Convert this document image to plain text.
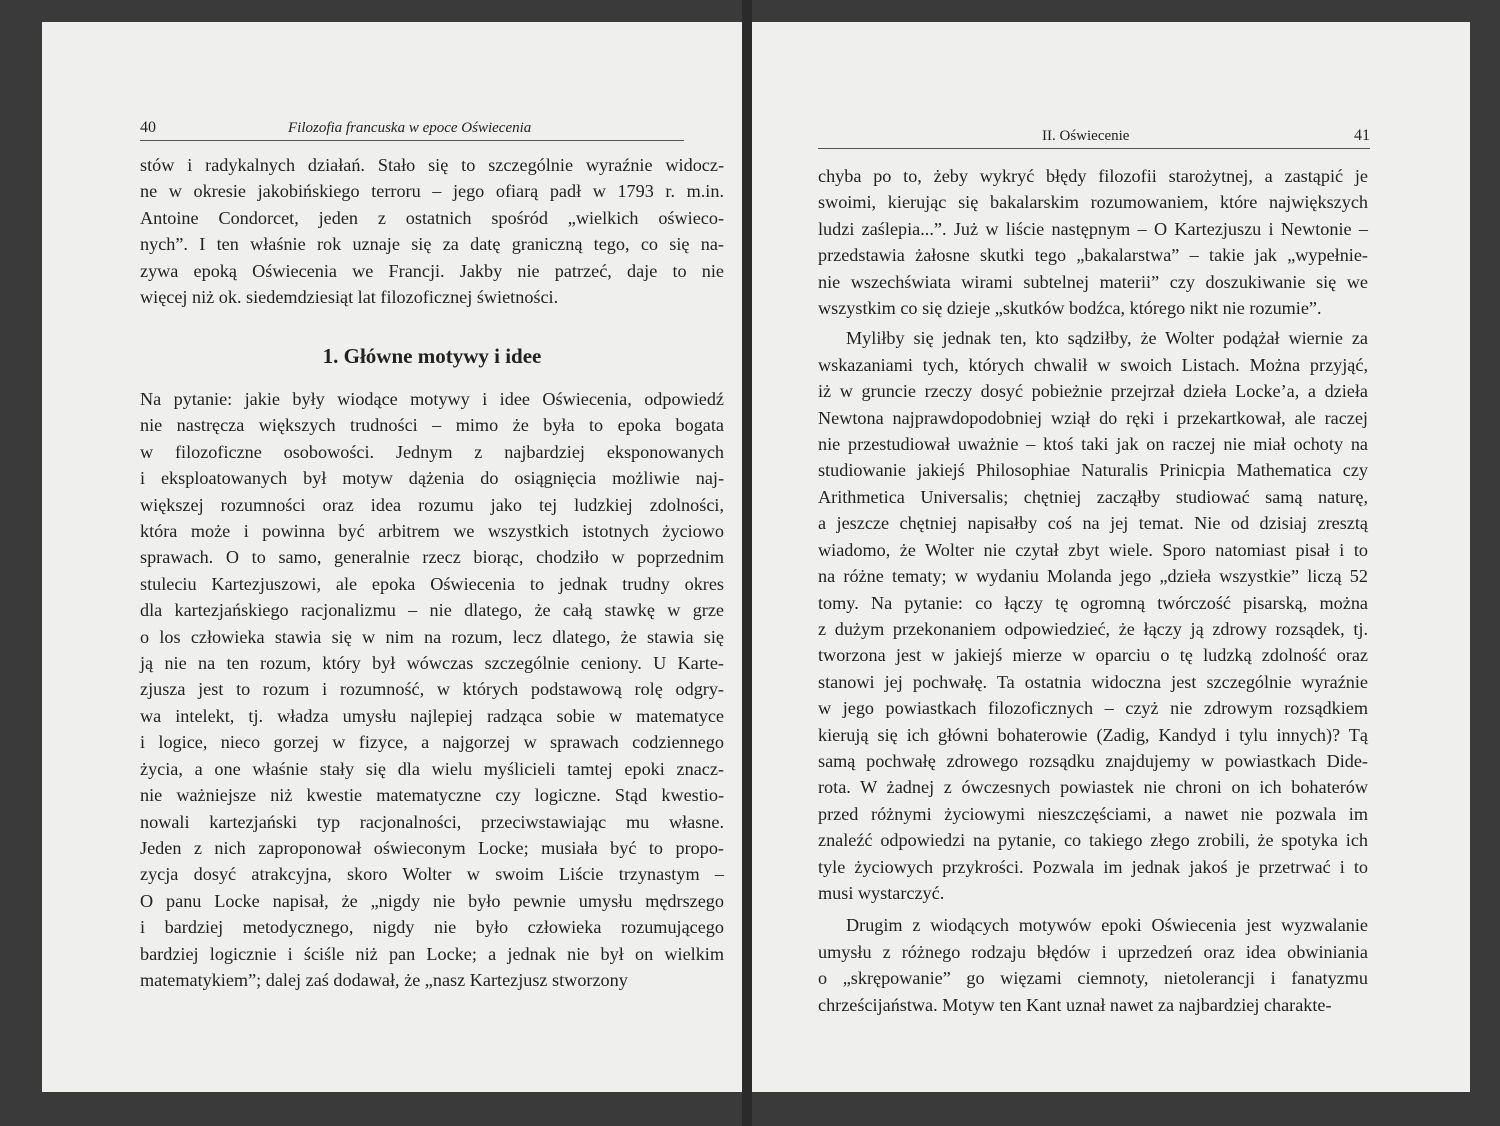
40	Filozofia francuska w epoce Oświecenia
stów i radykalnych działań. Stało się to szczególnie wyraźnie widocz-
ne w okresie jakobińskiego terroru – jego ofiarą padł w 1793 r. m.in.
Antoine Condorcet, jeden z ostatnich spośród „wielkich oświeco-
nych”. I ten właśnie rok uznaje się za datę graniczną tego, co się na-
zywa epoką Oświecenia we Francji. Jakby nie patrzeć, daje to nie
więcej niż ok. siedemdziesiąt lat filozoficznej świetności.
1. Główne motywy i idee
Na pytanie: jakie były wiodące motywy i idee Oświecenia, odpowiedź
nie nastręcza większych trudności – mimo że była to epoka bogata
w filozoficzne osobowości. Jednym z najbardziej eksponowanych
i eksploatowanych był motyw dążenia do osiągnięcia możliwie naj-
większej rozumności oraz idea rozumu jako tej ludzkiej zdolności,
która może i powinna być arbitrem we wszystkich istotnych życiowo
sprawach. O to samo, generalnie rzecz biorąc, chodziło w poprzednim
stuleciu Kartezjuszowi, ale epoka Oświecenia to jednak trudny okres
dla kartezjańskiego racjonalizmu – nie dlatego, że całą stawkę w grze
o los człowieka stawia się w nim na rozum, lecz dlatego, że stawia się
ją nie na ten rozum, który był wówczas szczególnie ceniony. U Karte-
zjusza jest to rozum i rozumność, w których podstawową rolę odgry-
wa intelekt, tj. władza umysłu najlepiej radząca sobie w matematyce
i logice, nieco gorzej w fizyce, a najgorzej w sprawach codziennego
życia, a one właśnie stały się dla wielu myślicieli tamtej epoki znacz-
nie ważniejsze niż kwestie matematyczne czy logiczne. Stąd kwestio-
nowali kartezjański typ racjonalności, przeciwstawiając mu własne.
Jeden z nich zaproponował oświeconym Locke; musiała być to propo-
zycja dosyć atrakcyjna, skoro Wolter w swoim Liście trzynastym –
O panu Locke napisał, że „nigdy nie było pewnie umysłu mędrszego
i bardziej metodycznego, nigdy nie było człowieka rozumującego
bardziej logicznie i ściśle niż pan Locke; a jednak nie był on wielkim
matematykiem”; dalej zaś dodawał, że „nasz Kartezjusz stworzony
II. Oświecenie	41
chyba po to, żeby wykryć błędy filozofii starożytnej, a zastąpić je
swoimi, kierując się bakalarskim rozumowaniem, które największych
ludzi zaślepia...”. Już w liście następnym – O Kartezjuszu i Newtonie –
przedstawia żałosne skutki tego „bakalarstwa” – takie jak „wypełnie-
nie wszechświata wirami subtelnej materii” czy doszukiwanie się we
wszystkim co się dzieje „skutków bodźca, którego nikt nie rozumie”.
Myliłby się jednak ten, kto sądziłby, że Wolter podążał wiernie za
wskazaniami tych, których chwalił w swoich Listach. Można przyjąć,
iż w gruncie rzeczy dosyć pobieżnie przejrzał dzieła Locke’a, a dzieła
Newtona najprawdopodobniej wziął do ręki i przekartkował, ale raczej
nie przestudiował uważnie – ktoś taki jak on raczej nie miał ochoty na
studiowanie jakiejś Philosophiae Naturalis Prinicpia Mathematica czy
Arithmetica Universalis; chętniej zacząłby studiować samą naturę,
a jeszcze chętniej napisałby coś na jej temat. Nie od dzisiaj zresztą
wiadomo, że Wolter nie czytał zbyt wiele. Sporo natomiast pisał i to
na różne tematy; w wydaniu Molanda jego „dzieła wszystkie” liczą 52
tomy. Na pytanie: co łączy tę ogromną twórczość pisarską, można
z dużym przekonaniem odpowiedzieć, że łączy ją zdrowy rozsądek, tj.
tworzona jest w jakiejś mierze w oparciu o tę ludzką zdolność oraz
stanowi jej pochwałę. Ta ostatnia widoczna jest szczególnie wyraźnie
w jego powiastkach filozoficznych – czyż nie zdrowym rozsądkiem
kierują się ich główni bohaterowie (Zadig, Kandyd i tylu innych)? Tą
samą pochwałę zdrowego rozsądku znajdujemy w powiastkach Dide-
rota. W żadnej z ówczesnych powiastek nie chroni on ich bohaterów
przed różnymi życiowymi nieszczęściami, a nawet nie pozwala im
znaleźć odpowiedzi na pytanie, co takiego złego zrobili, że spotyka ich
tyle życiowych przykrości. Pozwala im jednak jakoś je przetrwać i to
musi wystarczyć.
Drugim z wiodących motywów epoki Oświecenia jest wyzwalanie
umysłu z różnego rodzaju błędów i uprzedzeń oraz idea obwiniania
o „skrępowanie” go więzami ciemnoty, nietolerancji i fanatyzmu
chrześcijaństwa. Motyw ten Kant uznał nawet za najbardziej charakte-
